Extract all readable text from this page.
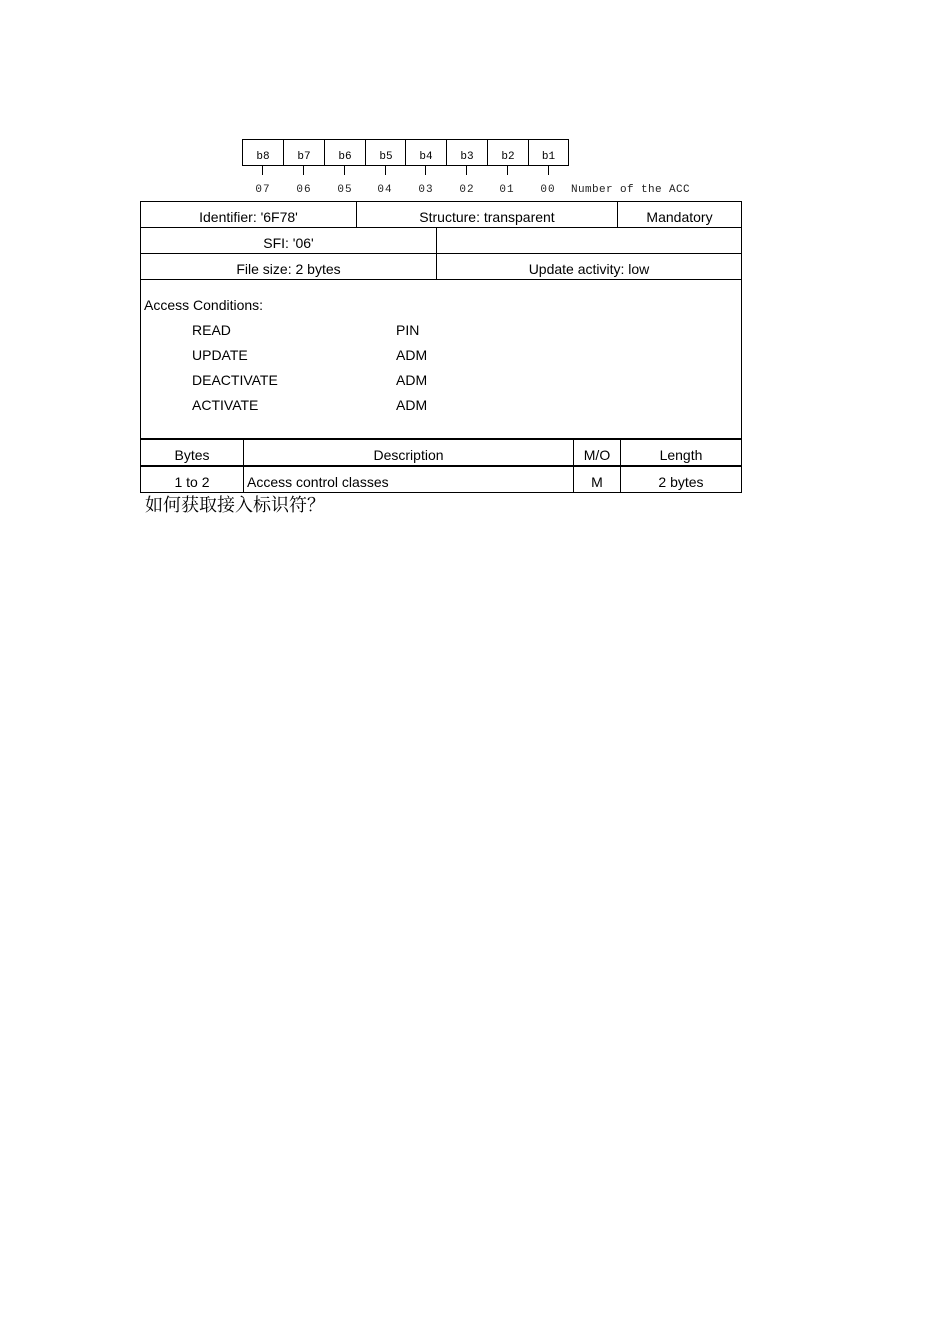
b8	b7	b6	b5	b4	b3	b2	b1
07	06	05	04	03	02	01	00	Number of the ACC
Identifier: '6F78'	Structure: transparent	Mandatory
SFI: '06'
File size: 2 bytes	Update activity: low
Access Conditions:
READ	PIN
UPDATE	ADM
DEACTIVATE	ADM
ACTIVATE	ADM
Bytes	Description	M/O	Length
1 to 2	Access control classes	M	2 bytes
如何获取接入标识符？
